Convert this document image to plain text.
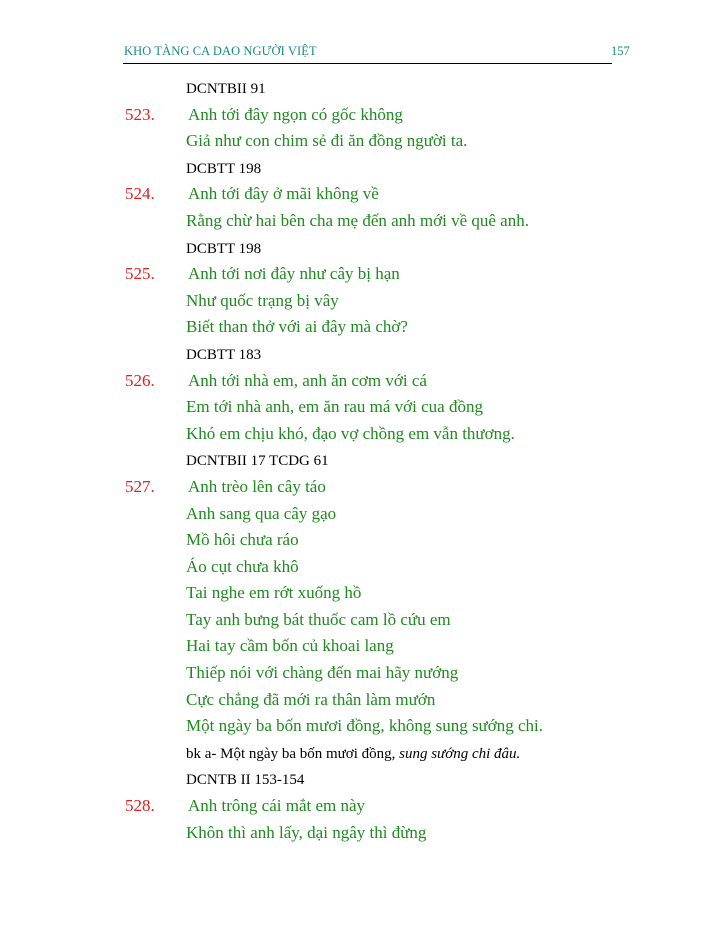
KHO TÀNG CA DAO NGƯỜI VIỆT	157
DCNTBII 91
523. Anh tới đây ngọn có gốc không
Giả như con chim sẻ đi ăn đồng người ta.
DCBTT 198
524. Anh tới đây ở mãi không về
Rằng chừ hai bên cha mẹ đến anh mới về quê anh.
DCBTT 198
525. Anh tới nơi đây như cây bị hạn
Như quốc trạng bị vây
Biết than thở với ai đây mà chờ?
DCBTT 183
526. Anh tới nhà em, anh ăn cơm với cá
Em tới nhà anh, em ăn rau má với cua đồng
Khó em chịu khó, đạo vợ chồng em vẫn thương.
DCNTBII 17 TCDG 61
527. Anh trèo lên cây táo
Anh sang qua cây gạo
Mồ hôi chưa ráo
Áo cụt chưa khô
Tai nghe em rớt xuống hồ
Tay anh bưng bát thuốc cam lồ cứu em
Hai tay cầm bốn củ khoai lang
Thiếp nói với chàng đến mai hãy nướng
Cực chẳng đã mới ra thân làm mướn
Một ngày ba bốn mươi đồng, không sung sướng chi.
bk a- Một ngày ba bốn mươi đồng, sung sướng chi đâu.
DCNTB II 153-154
528. Anh trông cái mắt em này
Khôn thì anh lấy, dại ngây thì đừng
